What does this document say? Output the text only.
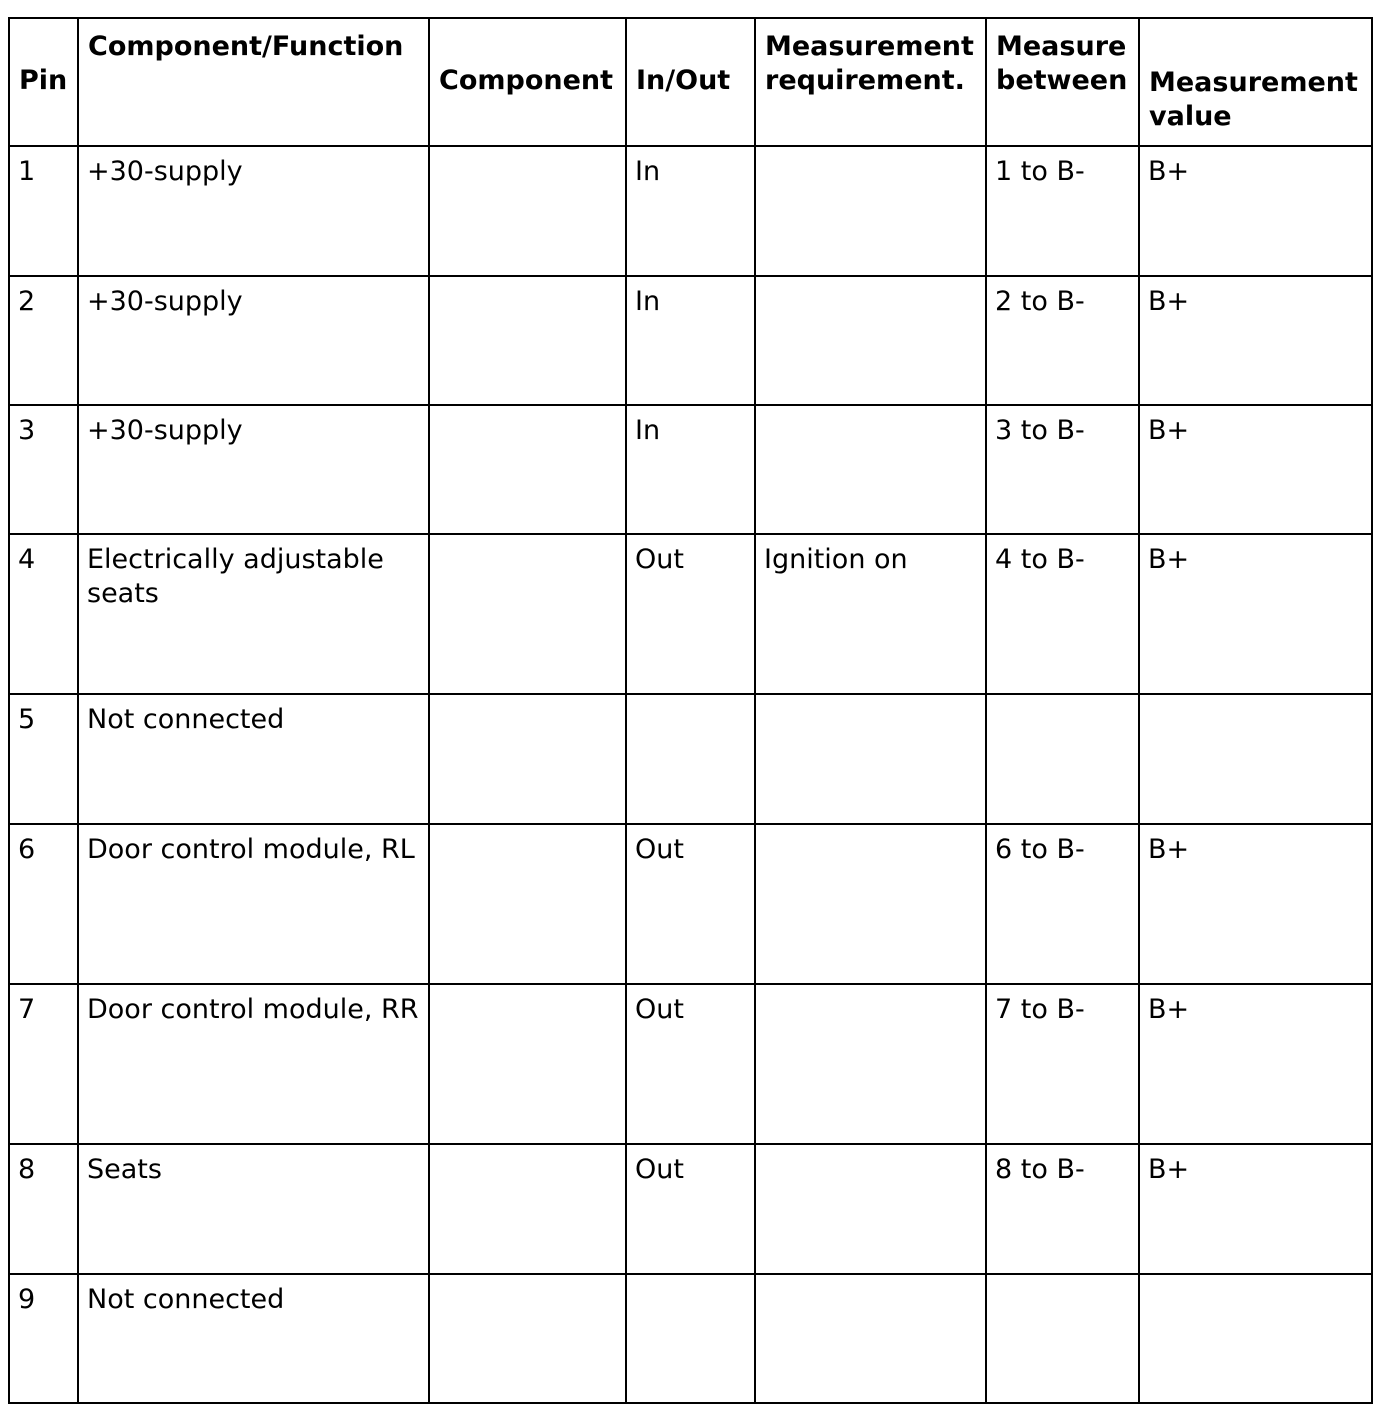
Pin	Component/Function	Component	In/Out	Measurement requirement.	Measure between	Measurement value

1	+30-supply		In		1 to B-	B+

2	+30-supply		In		2 to B-	B+

3	+30-supply		In		3 to B-	B+

4	Electrically adjustable seats		Out	Ignition on	4 to B-	B+

5	Not connected					

6	Door control module, RL		Out		6 to B-	B+

7	Door control module, RR		Out		7 to B-	B+

8	Seats		Out		8 to B-	B+

9	Not connected					
